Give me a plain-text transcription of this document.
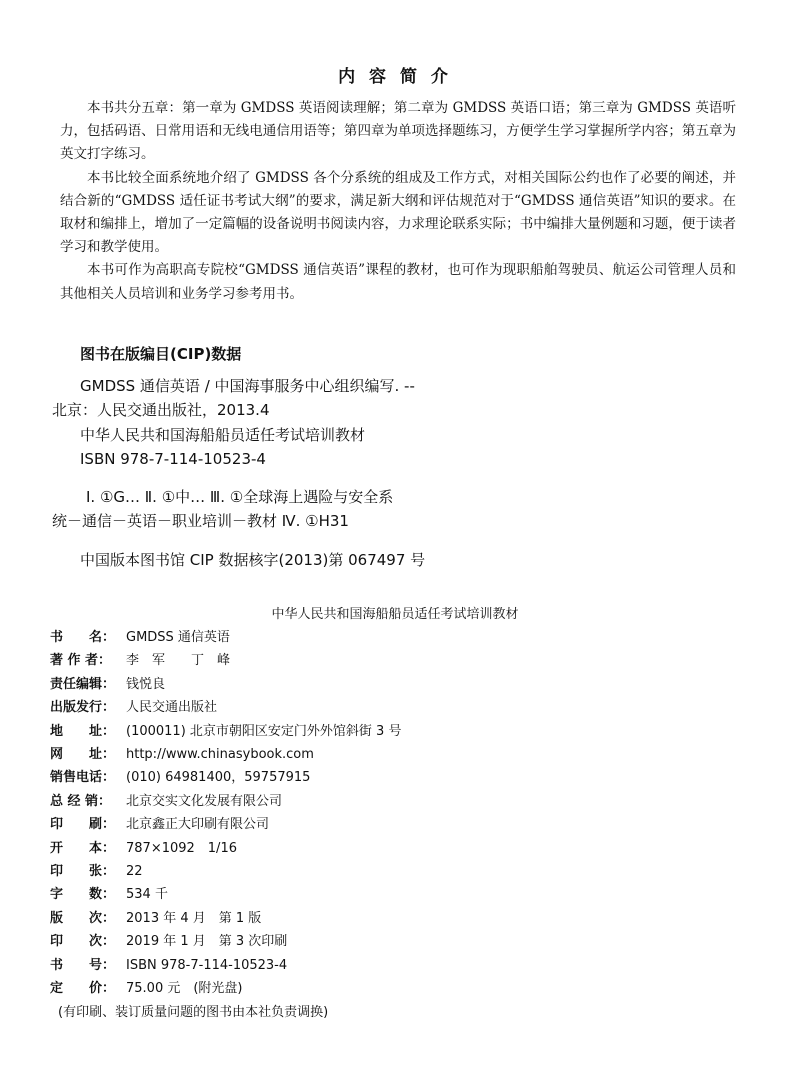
内 容 简 介

本书共分五章：第一章为 GMDSS 英语阅读理解；第二章为 GMDSS 英语口语；第三章为 GMDSS 英语听力，包括码语、日常用语和无线电通信用语等；第四章为单项选择题练习，方便学生学习掌握所学内容；第五章为英文打字练习。

本书比较全面系统地介绍了 GMDSS 各个分系统的组成及工作方式，对相关国际公约也作了必要的阐述，并结合新的“GMDSS 适任证书考试大纲”的要求，满足新大纲和评估规范对于“GMDSS 通信英语”知识的要求。在取材和编排上，增加了一定篇幅的设备说明书阅读内容，力求理论联系实际；书中编排大量例题和习题，便于读者学习和教学使用。

本书可作为高职高专院校“GMDSS 通信英语”课程的教材，也可作为现职船舶驾驶员、航运公司管理人员和其他相关人员培训和业务学习参考用书。

图书在版编目(CIP)数据
GMDSS 通信英语 / 中国海事服务中心组织编写. --
北京：人民交通出版社，2013.4
中华人民共和国海船船员适任考试培训教材
ISBN 978-7-114-10523-4
Ⅰ. ①G… Ⅱ. ①中… Ⅲ. ①全球海上遇险与安全系
统－通信－英语－职业培训－教材 Ⅳ. ①H31
中国版本图书馆 CIP 数据核字(2013)第 067497 号
中华人民共和国海船船员适任考试培训教材
书　　名： GMDSS 通信英语
著 作 者：	李　军　　丁　峰
责任编辑： 钱悦良
出版发行： 人民交通出版社
地　　址： (100011) 北京市朝阳区安定门外外馆斜街 3 号
网　　址： http://www.chinasybook.com
销售电话： (010) 64981400，59757915
总 经 销：	北京交实文化发展有限公司
印　　刷： 北京鑫正大印刷有限公司
开　　本： 787×1092　1/16
印　　张： 22
字　　数： 534 千
版　　次： 2013 年 4 月　第 1 版
印　　次： 2019 年 1 月　第 3 次印刷
书　　号： ISBN 978-7-114-10523-4
定　　价： 75.00 元　(附光盘)
(有印刷、装订质量问题的图书由本社负责调换)
